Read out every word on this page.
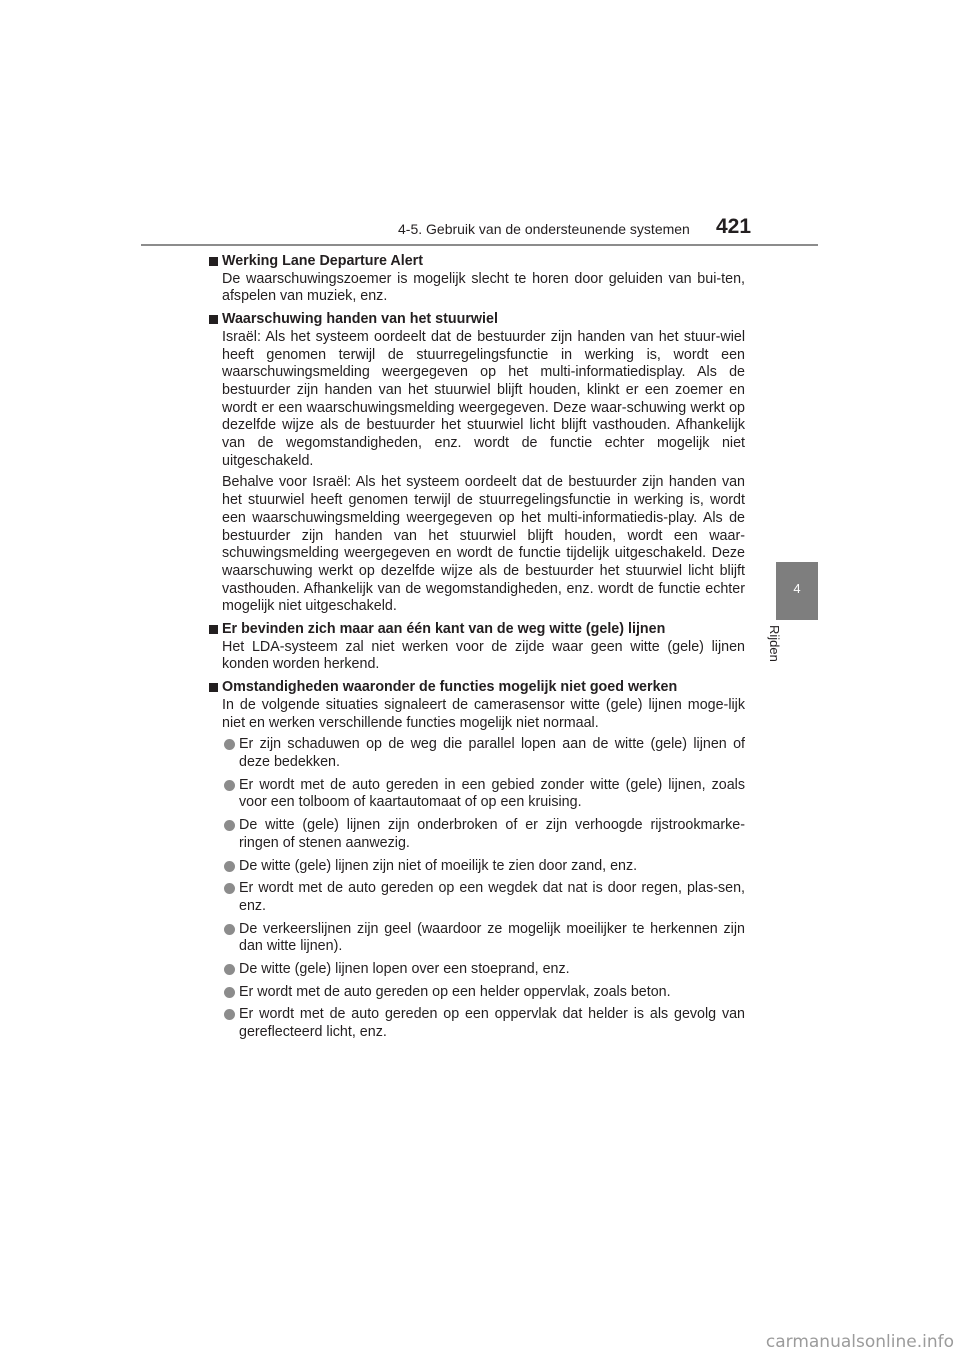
4-5. Gebruik van de ondersteunende systemen 421
4
Rijden
Werking Lane Departure Alert

De waarschuwingszoemer is mogelijk slecht te horen door geluiden van bui-ten, afspelen van muziek, enz.

Waarschuwing handen van het stuurwiel

Israël: Als het systeem oordeelt dat de bestuurder zijn handen van het stuur-wiel heeft genomen terwijl de stuurregelingsfunctie in werking is, wordt een waarschuwingsmelding weergegeven op het multi-informatiedisplay. Als de bestuurder zijn handen van het stuurwiel blijft houden, klinkt er een zoemer en wordt er een waarschuwingsmelding weergegeven. Deze waar-schuwing werkt op dezelfde wijze als de bestuurder het stuurwiel licht blijft vasthouden. Afhankelijk van de wegomstandigheden, enz. wordt de functie echter mogelijk niet uitgeschakeld.

Behalve voor Israël: Als het systeem oordeelt dat de bestuurder zijn handen van het stuurwiel heeft genomen terwijl de stuurregelingsfunctie in werking is, wordt een waarschuwingsmelding weergegeven op het multi-informatiedis-play. Als de bestuurder zijn handen van het stuurwiel blijft houden, wordt een waar-schuwingsmelding weergegeven en wordt de functie tijdelijk uitgeschakeld. Deze waarschuwing werkt op dezelfde wijze als de bestuurder het stuurwiel licht blijft vasthouden. Afhankelijk van de wegomstandigheden, enz. wordt de functie echter mogelijk niet uitgeschakeld.

Er bevinden zich maar aan één kant van de weg witte (gele) lijnen

Het LDA-systeem zal niet werken voor de zijde waar geen witte (gele) lijnen konden worden herkend.

Omstandigheden waaronder de functies mogelijk niet goed werken

In de volgende situaties signaleert de camerasensor witte (gele) lijnen moge-lijk niet en werken verschillende functies mogelijk niet normaal.

Er zijn schaduwen op de weg die parallel lopen aan de witte (gele) lijnen of deze bedekken.
Er wordt met de auto gereden in een gebied zonder witte (gele) lijnen, zoals voor een tolboom of kaartautomaat of op een kruising.
De witte (gele) lijnen zijn onderbroken of er zijn verhoogde rijstrookmarke-ringen of stenen aanwezig.
De witte (gele) lijnen zijn niet of moeilijk te zien door zand, enz.
Er wordt met de auto gereden op een wegdek dat nat is door regen, plas-sen, enz.
De verkeerslijnen zijn geel (waardoor ze mogelijk moeilijker te herkennen zijn dan witte lijnen).
De witte (gele) lijnen lopen over een stoeprand, enz.
Er wordt met de auto gereden op een helder oppervlak, zoals beton.
Er wordt met de auto gereden op een oppervlak dat helder is als gevolg van gereflecteerd licht, enz.
carmanualsonline.info
